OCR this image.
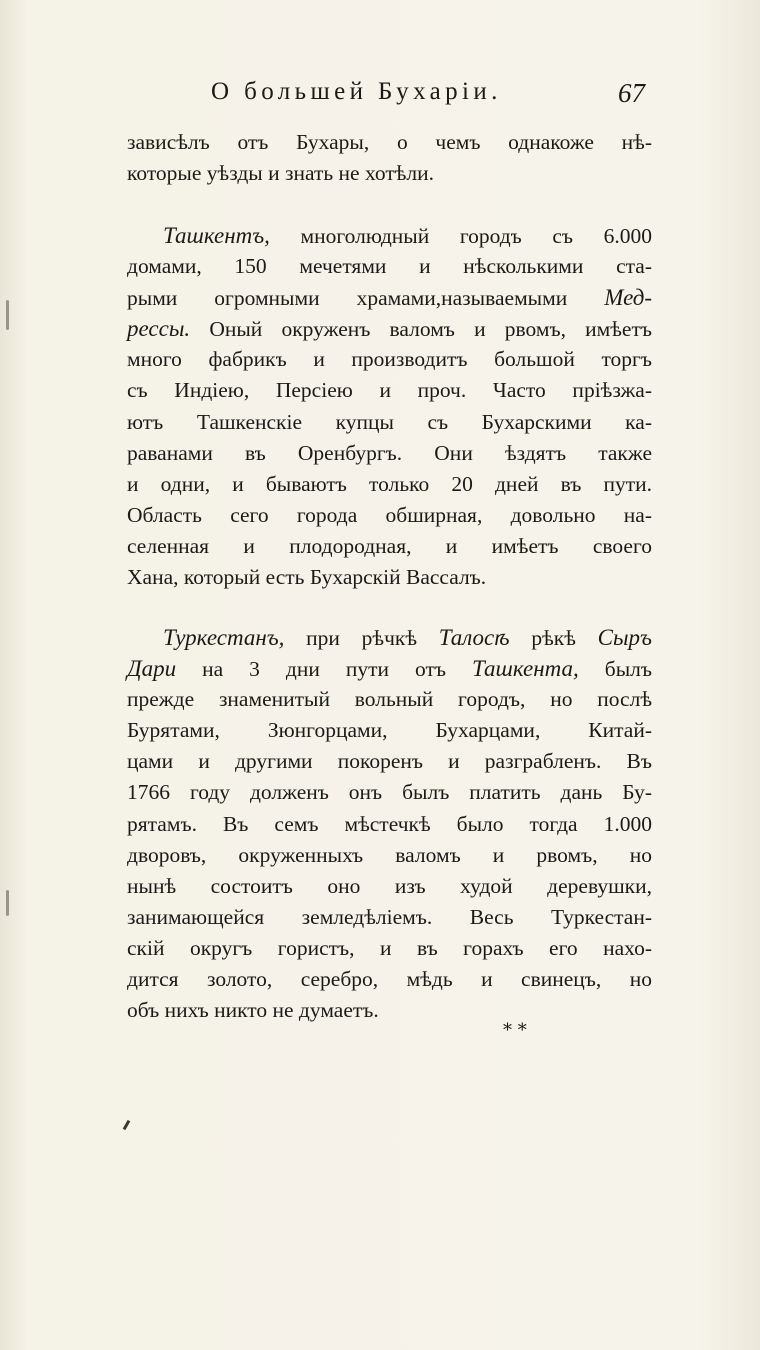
О большей Бухаріи.	67
зависѣлъ отъ Бухары, о чемъ однакоже нѣ-
которые уѣзды и знать не хотѣли.
Ташкентъ, многолюдный городъ съ 6.000
домами, 150 мечетями и нѣсколькими ста-
рыми огромными храмами,называемыми Мед-
рессы. Оный окруженъ валомъ и рвомъ, имѣетъ
много фабрикъ и производитъ большой торгъ
съ Индіею, Персіею и проч. Часто пріѣзжа-
ютъ Ташкенскіе купцы съ Бухарскими ка-
раванами въ Оренбургъ. Они ѣздятъ также
и одни, и бываютъ только 20 дней въ пути.
Область сего города обширная, довольно на-
селенная и плодородная, и имѣетъ своего
Хана, который есть Бухарскій Вассалъ.
Туркестанъ, при рѣчкѣ Талосѣ рѣкѣ Сыръ
Дари на 3 дни пути отъ Ташкента, былъ
прежде знаменитый вольный городъ, но послѣ
Бурятами, Зюнгорцами, Бухарцами, Китай-
цами и другими покоренъ и разграбленъ. Въ
1766 году долженъ онъ былъ платить дань Бу-
рятамъ. Въ семъ мѣстечкѣ было тогда 1.000
дворовъ, окруженныхъ валомъ и рвомъ, но
нынѣ состоитъ оно изъ худой деревушки,
занимающейся земледѣліемъ. Весь Туркестан-
скій округъ гористъ, и въ горахъ его нахо-
дится золото, серебро, мѣдь и свинецъ, но
объ нихъ никто не думаетъ.
* *
